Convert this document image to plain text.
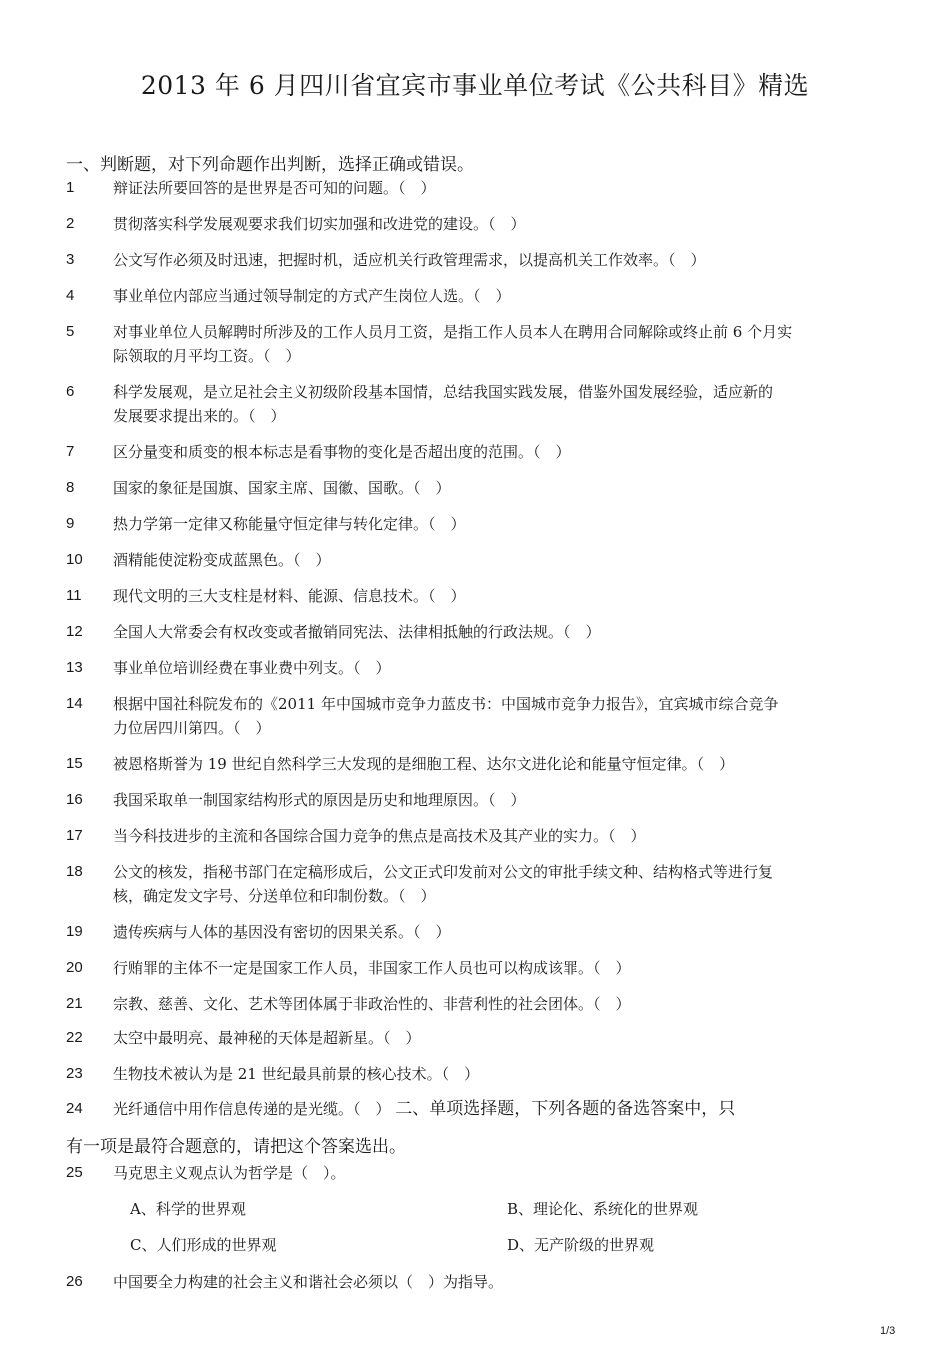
2013 年 6 月四川省宜宾市事业单位考试《公共科目》精选
一、判断题，对下列命题作出判断，选择正确或错误。
1	辩证法所要回答的是世界是否可知的问题。（　）
2	贯彻落实科学发展观要求我们切实加强和改进党的建设。（　）
3	公文写作必须及时迅速，把握时机，适应机关行政管理需求，以提高机关工作效率。（　）
4	事业单位内部应当通过领导制定的方式产生岗位人选。（　）
5	对事业单位人员解聘时所涉及的工作人员月工资，是指工作人员本人在聘用合同解除或终止前 6 个月实
际领取的月平均工资。（　）
6	科学发展观，是立足社会主义初级阶段基本国情，总结我国实践发展，借鉴外国发展经验，适应新的
发展要求提出来的。（　）
7	区分量变和质变的根本标志是看事物的变化是否超出度的范围。（　）
8	国家的象征是国旗、国家主席、国徽、国歌。（　）
9	热力学第一定律又称能量守恒定律与转化定律。（　）
10	酒精能使淀粉变成蓝黑色。（　）
11	现代文明的三大支柱是材料、能源、信息技术。（　）
12	全国人大常委会有权改变或者撤销同宪法、法律相抵触的行政法规。（　）
13	事业单位培训经费在事业费中列支。（　）
14	根据中国社科院发布的《2011 年中国城市竞争力蓝皮书：中国城市竞争力报告》，宜宾城市综合竞争
力位居四川第四。（　）
15	被恩格斯誉为 19 世纪自然科学三大发现的是细胞工程、达尔文进化论和能量守恒定律。（　）
16	我国采取单一制国家结构形式的原因是历史和地理原因。（　）
17	当今科技进步的主流和各国综合国力竞争的焦点是高技术及其产业的实力。（　）
18	公文的核发，指秘书部门在定稿形成后，公文正式印发前对公文的审批手续文种、结构格式等进行复
核，确定发文字号、分送单位和印制份数。（　）
19	遗传疾病与人体的基因没有密切的因果关系。（　）
20	行贿罪的主体不一定是国家工作人员，非国家工作人员也可以构成该罪。（　）
21	宗教、慈善、文化、艺术等团体属于非政治性的、非营利性的社会团体。（　）
22	太空中最明亮、最神秘的天体是超新星。（　）
23	生物技术被认为是 21 世纪最具前景的核心技术。（　）
24	光纤通信中用作信息传递的是光缆。（　） 二、单项选择题，下列各题的备选答案中，只
有一项是最符合题意的，请把这个答案选出。
25	马克思主义观点认为哲学是（　）。
A、科学的世界观	B、理论化、系统化的世界观
C、人们形成的世界观	D、无产阶级的世界观
26	中国要全力构建的社会主义和谐社会必须以（　）为指导。
1/3
